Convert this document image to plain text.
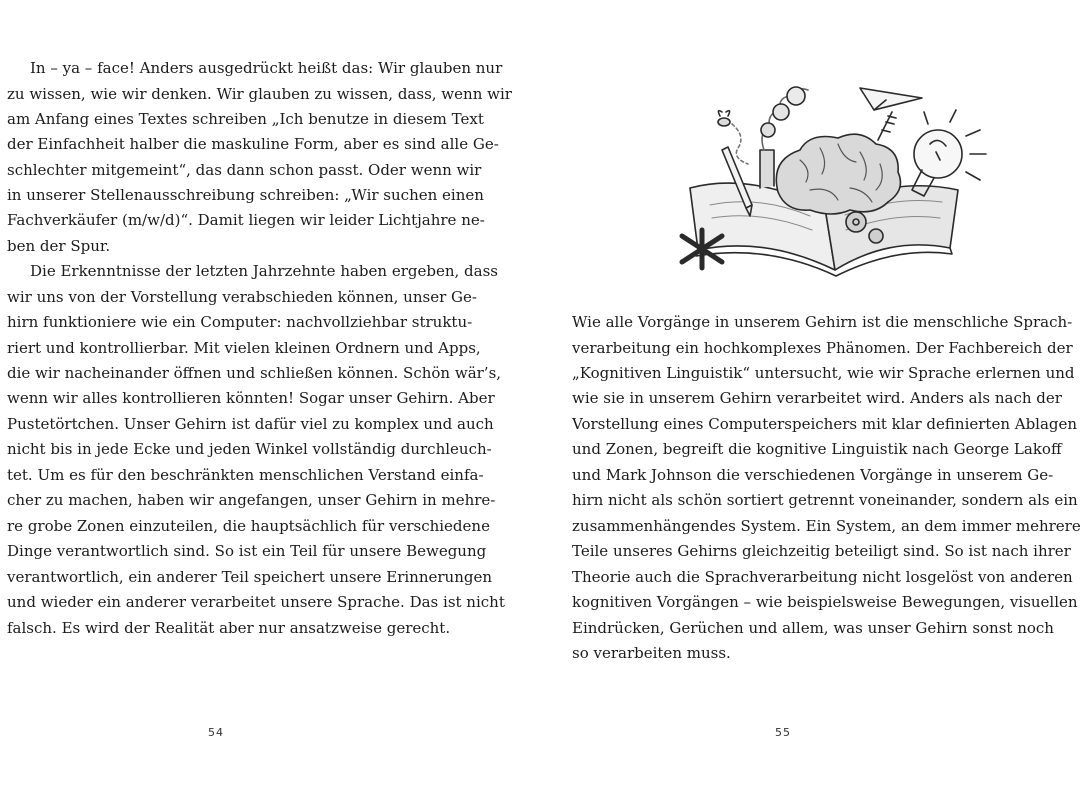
In – ya – face! Anders ausgedrückt heißt das: Wir glauben nur
zu wissen, wie wir denken. Wir glauben zu wissen, dass, wenn wir
am Anfang eines Textes schreiben „Ich benutze in diesem Text
der Einfachheit halber die maskuline Form, aber es sind alle Ge-
schlechter mitgemeint“, das dann schon passt. Oder wenn wir
in unserer Stellenausschreibung schreiben: „Wir suchen einen
Fachverkäufer (m/w/d)“. Damit liegen wir leider Lichtjahre ne-
ben der Spur.
Die Erkenntnisse der letzten Jahrzehnte haben ergeben, dass
wir uns von der Vorstellung verabschieden können, unser Ge-
hirn funktioniere wie ein Computer: nachvollziehbar struktu-
riert und kontrollierbar. Mit vielen kleinen Ordnern und Apps,
die wir nacheinander öffnen und schließen können. Schön wär’s,
wenn wir alles kontrollieren könnten! Sogar unser Gehirn. Aber
Pustetörtchen. Unser Gehirn ist dafür viel zu komplex und auch
nicht bis in jede Ecke und jeden Winkel vollständig durchleuch-
tet. Um es für den beschränkten menschlichen Verstand einfa-
cher zu machen, haben wir angefangen, unser Gehirn in mehre-
re grobe Zonen einzuteilen, die hauptsächlich für verschiedene
Dinge verantwortlich sind. So ist ein Teil für unsere Bewegung
verantwortlich, ein anderer Teil speichert unsere Erinnerungen
und wieder ein anderer verarbeitet unsere Sprache. Das ist nicht
falsch. Es wird der Realität aber nur ansatzweise gerecht.
54
Wie alle Vorgänge in unserem Gehirn ist die menschliche Sprach-
verarbeitung ein hochkomplexes Phänomen. Der Fachbereich der
„Kognitiven Linguistik“ untersucht, wie wir Sprache erlernen und
wie sie in unserem Gehirn verarbeitet wird. Anders als nach der
Vorstellung eines Computerspeichers mit klar definierten Ablagen
und Zonen, begreift die kognitive Linguistik nach George Lakoff
und Mark Johnson die verschiedenen Vorgänge in unserem Ge-
hirn nicht als schön sortiert getrennt voneinander, sondern als ein
zusammenhängendes System. Ein System, an dem immer mehrere
Teile unseres Gehirns gleichzeitig beteiligt sind. So ist nach ihrer
Theorie auch die Sprachverarbeitung nicht losgelöst von anderen
kognitiven Vorgängen – wie beispielsweise Bewegungen, visuellen
Eindrücken, Gerüchen und allem, was unser Gehirn sonst noch
so verarbeiten muss.
55
